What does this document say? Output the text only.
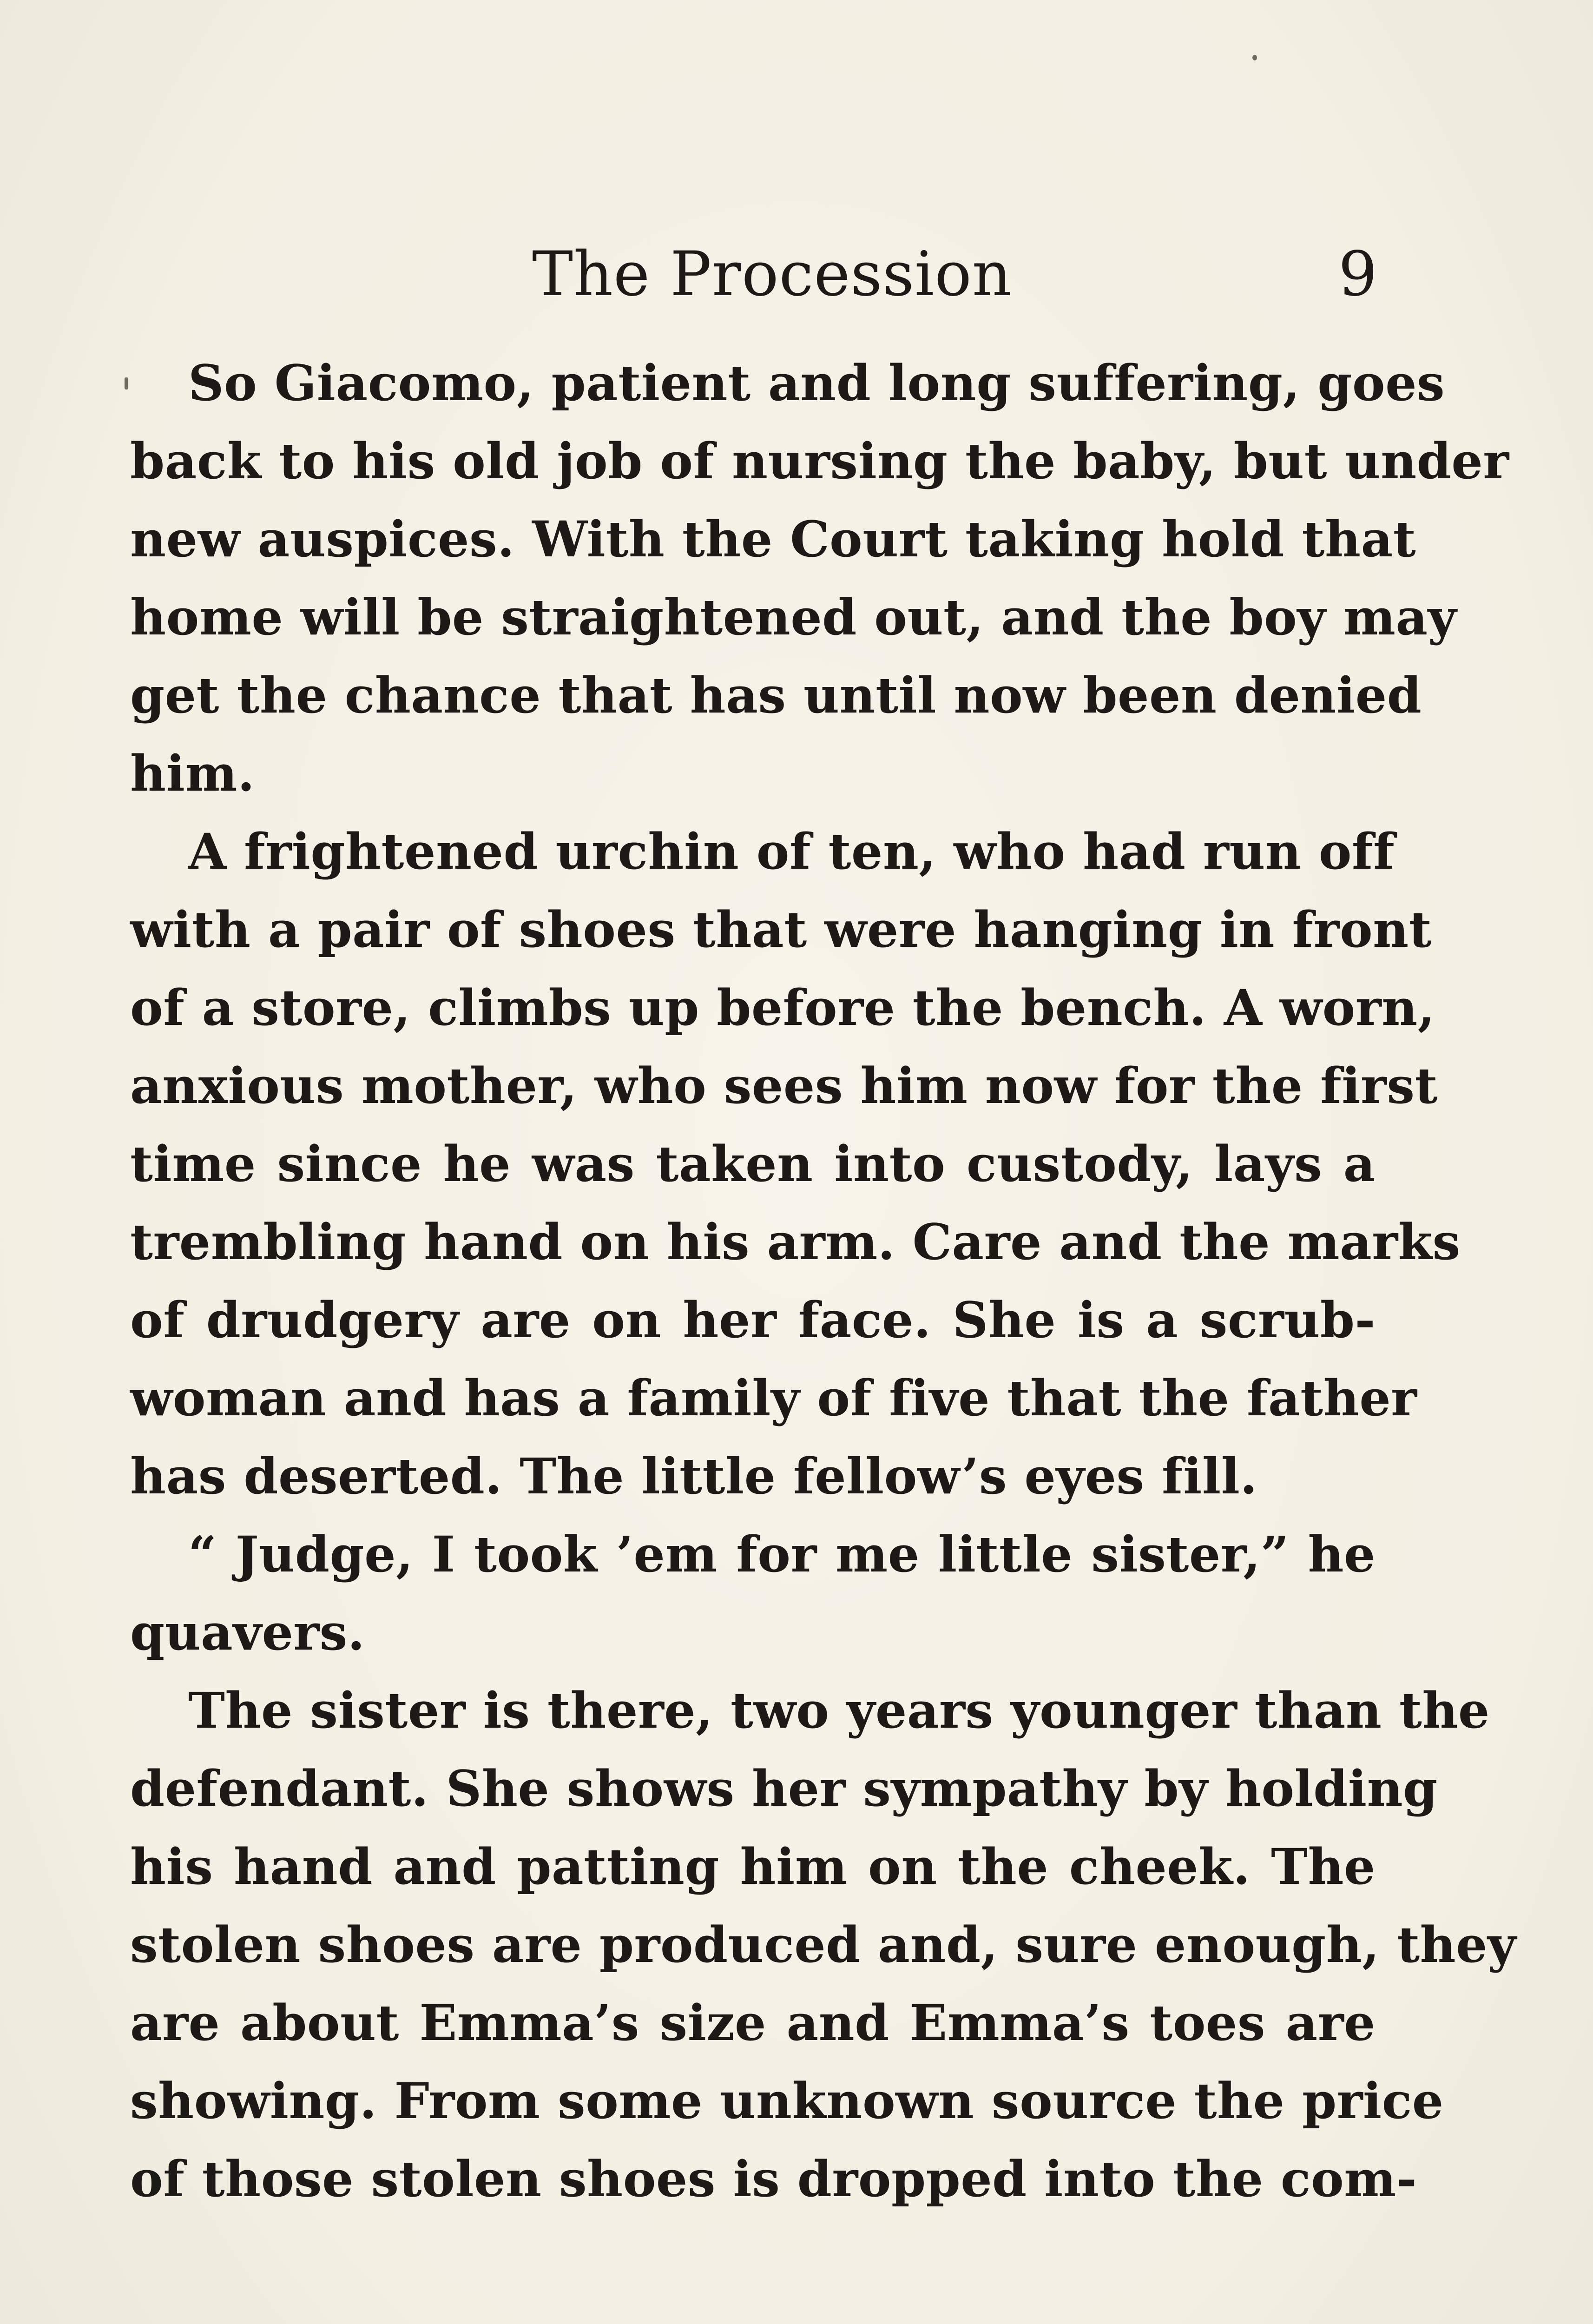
The Procession	9
So Giacomo, patient and long suffering, goes
back to his old job of nursing the baby, but under
new auspices. With the Court taking hold that
home will be straightened out, and the boy may
get the chance that has until now been denied
him.
A frightened urchin of ten, who had run off
with a pair of shoes that were hanging in front
of a store, climbs up before the bench. A worn,
anxious mother, who sees him now for the first
time since he was taken into custody, lays a
trembling hand on his arm. Care and the marks
of drudgery are on her face. She is a scrub-
woman and has a family of five that the father
has deserted. The little fellow’s eyes fill.
“ Judge, I took ’em for me little sister,” he
quavers.
The sister is there, two years younger than the
defendant. She shows her sympathy by holding
his hand and patting him on the cheek. The
stolen shoes are produced and, sure enough, they
are about Emma’s size and Emma’s toes are
showing. From some unknown source the price
of those stolen shoes is dropped into the com-
